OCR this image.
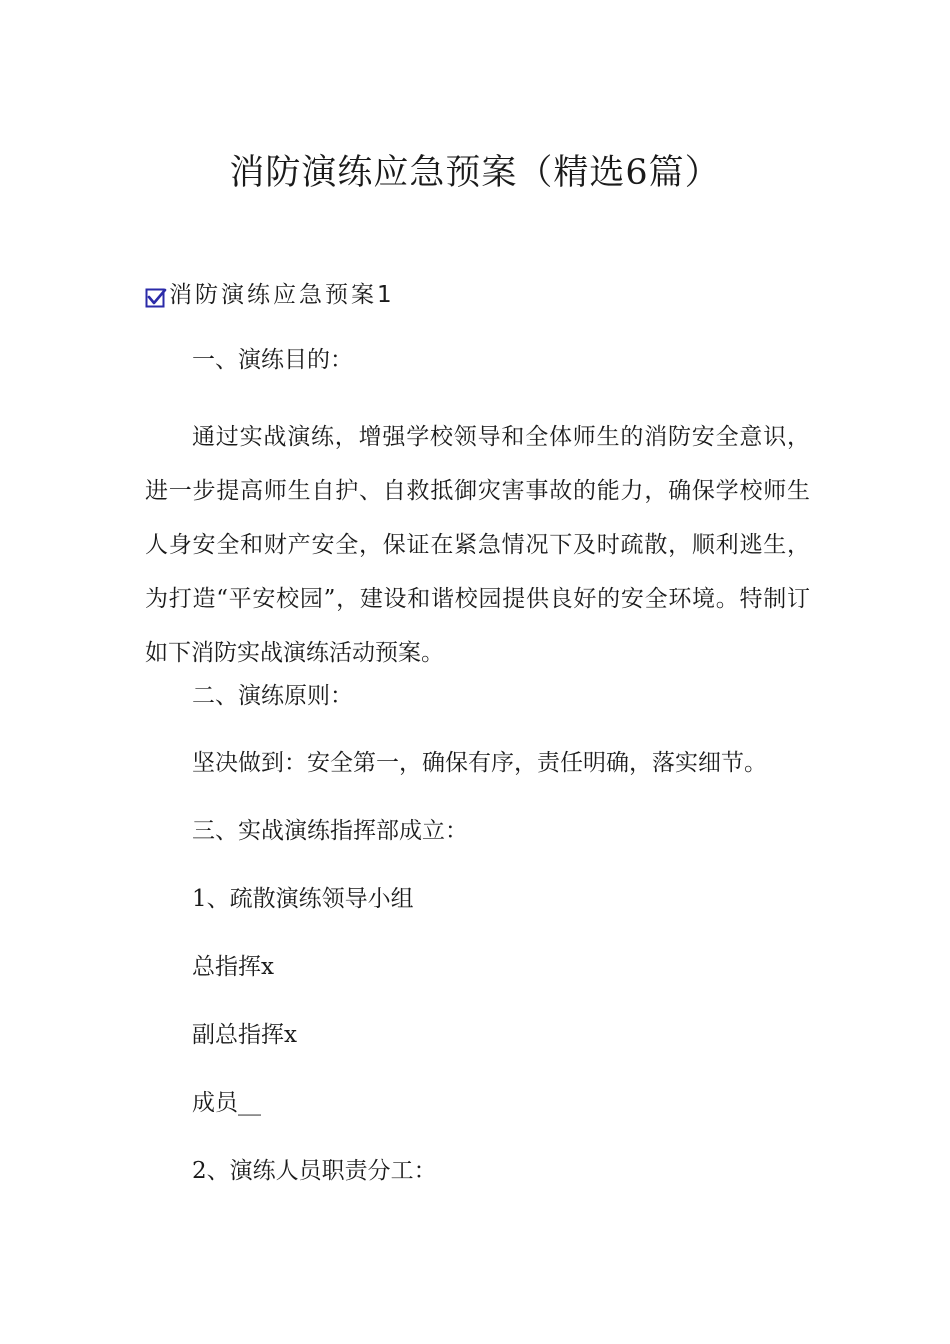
消防演练应急预案（精选6篇）
消防演练应急预案1

一、演练目的：

通过实战演练，增强学校领导和全体师生的消防安全意识，进一步提高师生自护、自救抵御灾害事故的能力，确保学校师生人身安全和财产安全，保证在紧急情况下及时疏散，顺利逃生，为打造“平安校园”，建设和谐校园提供良好的安全环境。特制订如下消防实战演练活动预案。

二、演练原则：

坚决做到：安全第一，确保有序，责任明确，落实细节。

三、实战演练指挥部成立：

1、疏散演练领导小组

总指挥x

副总指挥x

成员__

2、演练人员职责分工：
